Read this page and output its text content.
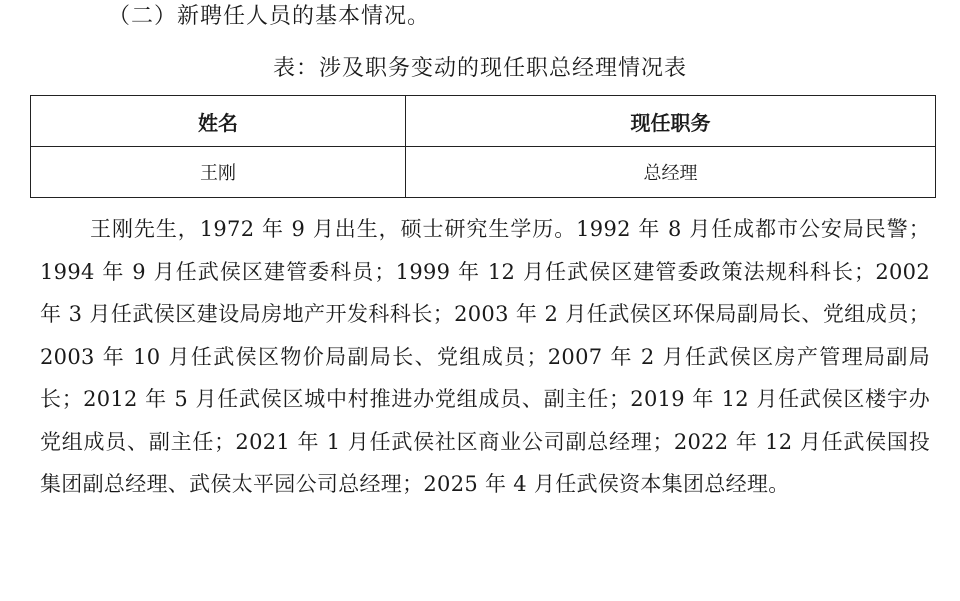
（二）新聘任人员的基本情况。
表：涉及职务变动的现任职总经理情况表
姓名	现任职务
王刚	总经理

王刚先生，1972 年 9 月出生，硕士研究生学历。1992 年 8 月任成都市公安局民警；1994 年 9 月任武侯区建管委科员；1999 年 12 月任武侯区建管委政策法规科科长；2002 年 3 月任武侯区建设局房地产开发科科长；2003 年 2 月任武侯区环保局副局长、党组成员；2003 年 10 月任武侯区物价局副局长、党组成员；2007 年 2 月任武侯区房产管理局副局长；2012 年 5 月任武侯区城中村推进办党组成员、副主任；2019 年 12 月任武侯区楼宇办党组成员、副主任；2021 年 1 月任武侯社区商业公司副总经理；2022 年 12 月任武侯国投集团副总经理、武侯太平园公司总经理；2025 年 4 月任武侯资本集团总经理。
